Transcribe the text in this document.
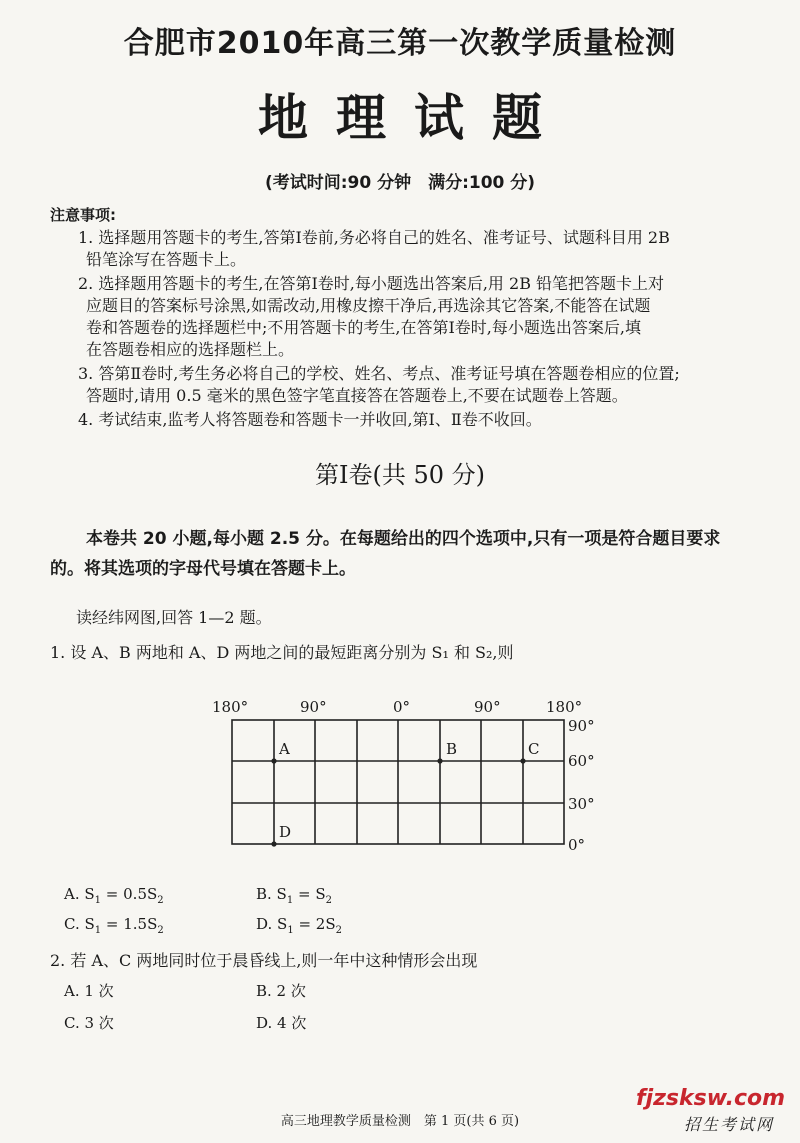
合肥市2010年高三第一次教学质量检测
地理试题
(考试时间:90 分钟　满分:100 分)
注意事项:
1. 选择题用答题卡的考生,答第Ⅰ卷前,务必将自己的姓名、准考证号、试题科目用 2B
铅笔涂写在答题卡上。
2. 选择题用答题卡的考生,在答第Ⅰ卷时,每小题选出答案后,用 2B 铅笔把答题卡上对
应题目的答案标号涂黑,如需改动,用橡皮擦干净后,再选涂其它答案,不能答在试题
卷和答题卷的选择题栏中;不用答题卡的考生,在答第Ⅰ卷时,每小题选出答案后,填
在答题卷相应的选择题栏上。
3. 答第Ⅱ卷时,考生务必将自己的学校、姓名、考点、准考证号填在答题卷相应的位置;
答题时,请用 0.5 毫米的黑色签字笔直接答在答题卷上,不要在试题卷上答题。
4. 考试结束,监考人将答题卷和答题卡一并收回,第Ⅰ、Ⅱ卷不收回。
第Ⅰ卷(共 50 分)
本卷共 20 小题,每小题 2.5 分。在每题给出的四个选项中,只有一项是符合题目要求
的。将其选项的字母代号填在答题卡上。
读经纬网图,回答 1—2 题。
1. 设 A、B 两地和 A、D 两地之间的最短距离分别为 S₁ 和 S₂,则
180°	90°	0°	90°	180°
90°
60°
30°
0°
A	B	C
D
A. $S_1 = 0.5S_2$	B. $S_1 = S_2$
C. $S_1 = 1.5S_2$	D. $S_1 = 2S_2$
2. 若 A、C 两地同时位于晨昏线上,则一年中这种情形会出现
A. 1 次	B. 2 次
C. 3 次	D. 4 次
高三地理教学质量检测　第 1 页(共 6 页)
fjzsksw.com
招生考试网
